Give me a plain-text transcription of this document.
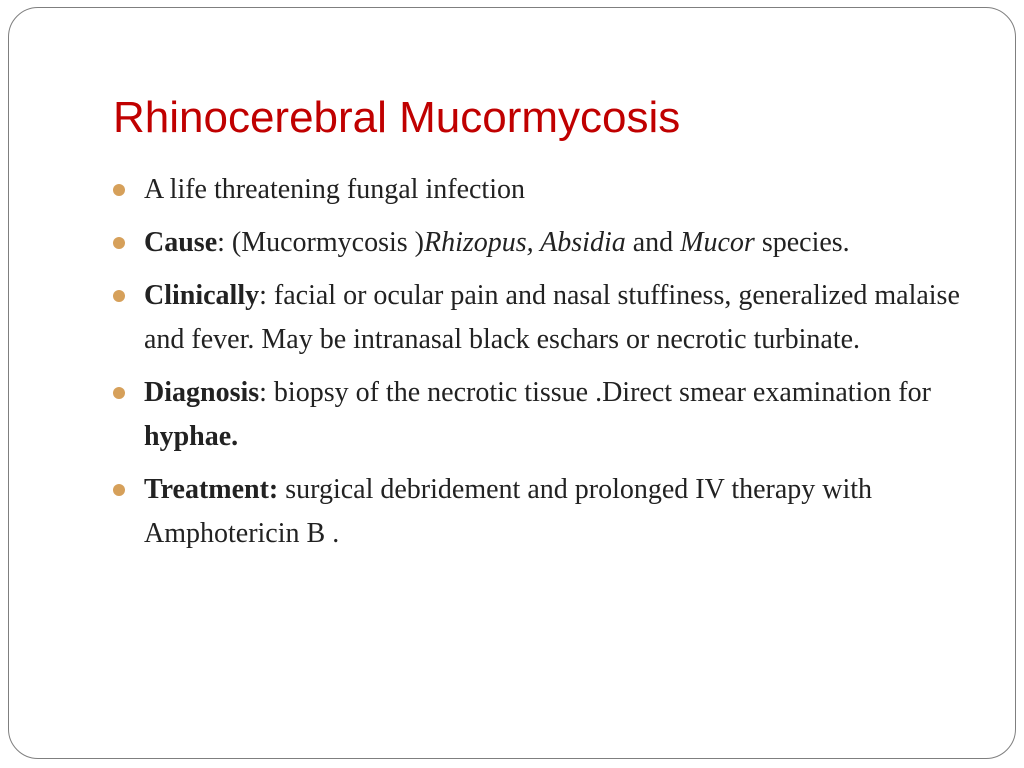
Rhinocerebral Mucormycosis
A life threatening fungal infection
Cause: (Mucormycosis )Rhizopus, Absidia and Mucor species.
Clinically: facial or ocular pain and nasal stuffiness, generalized malaise and fever. May be intranasal black eschars or necrotic turbinate.
Diagnosis: biopsy of the necrotic tissue .Direct smear examination for hyphae.
Treatment: surgical debridement and prolonged IV therapy with Amphotericin B .
